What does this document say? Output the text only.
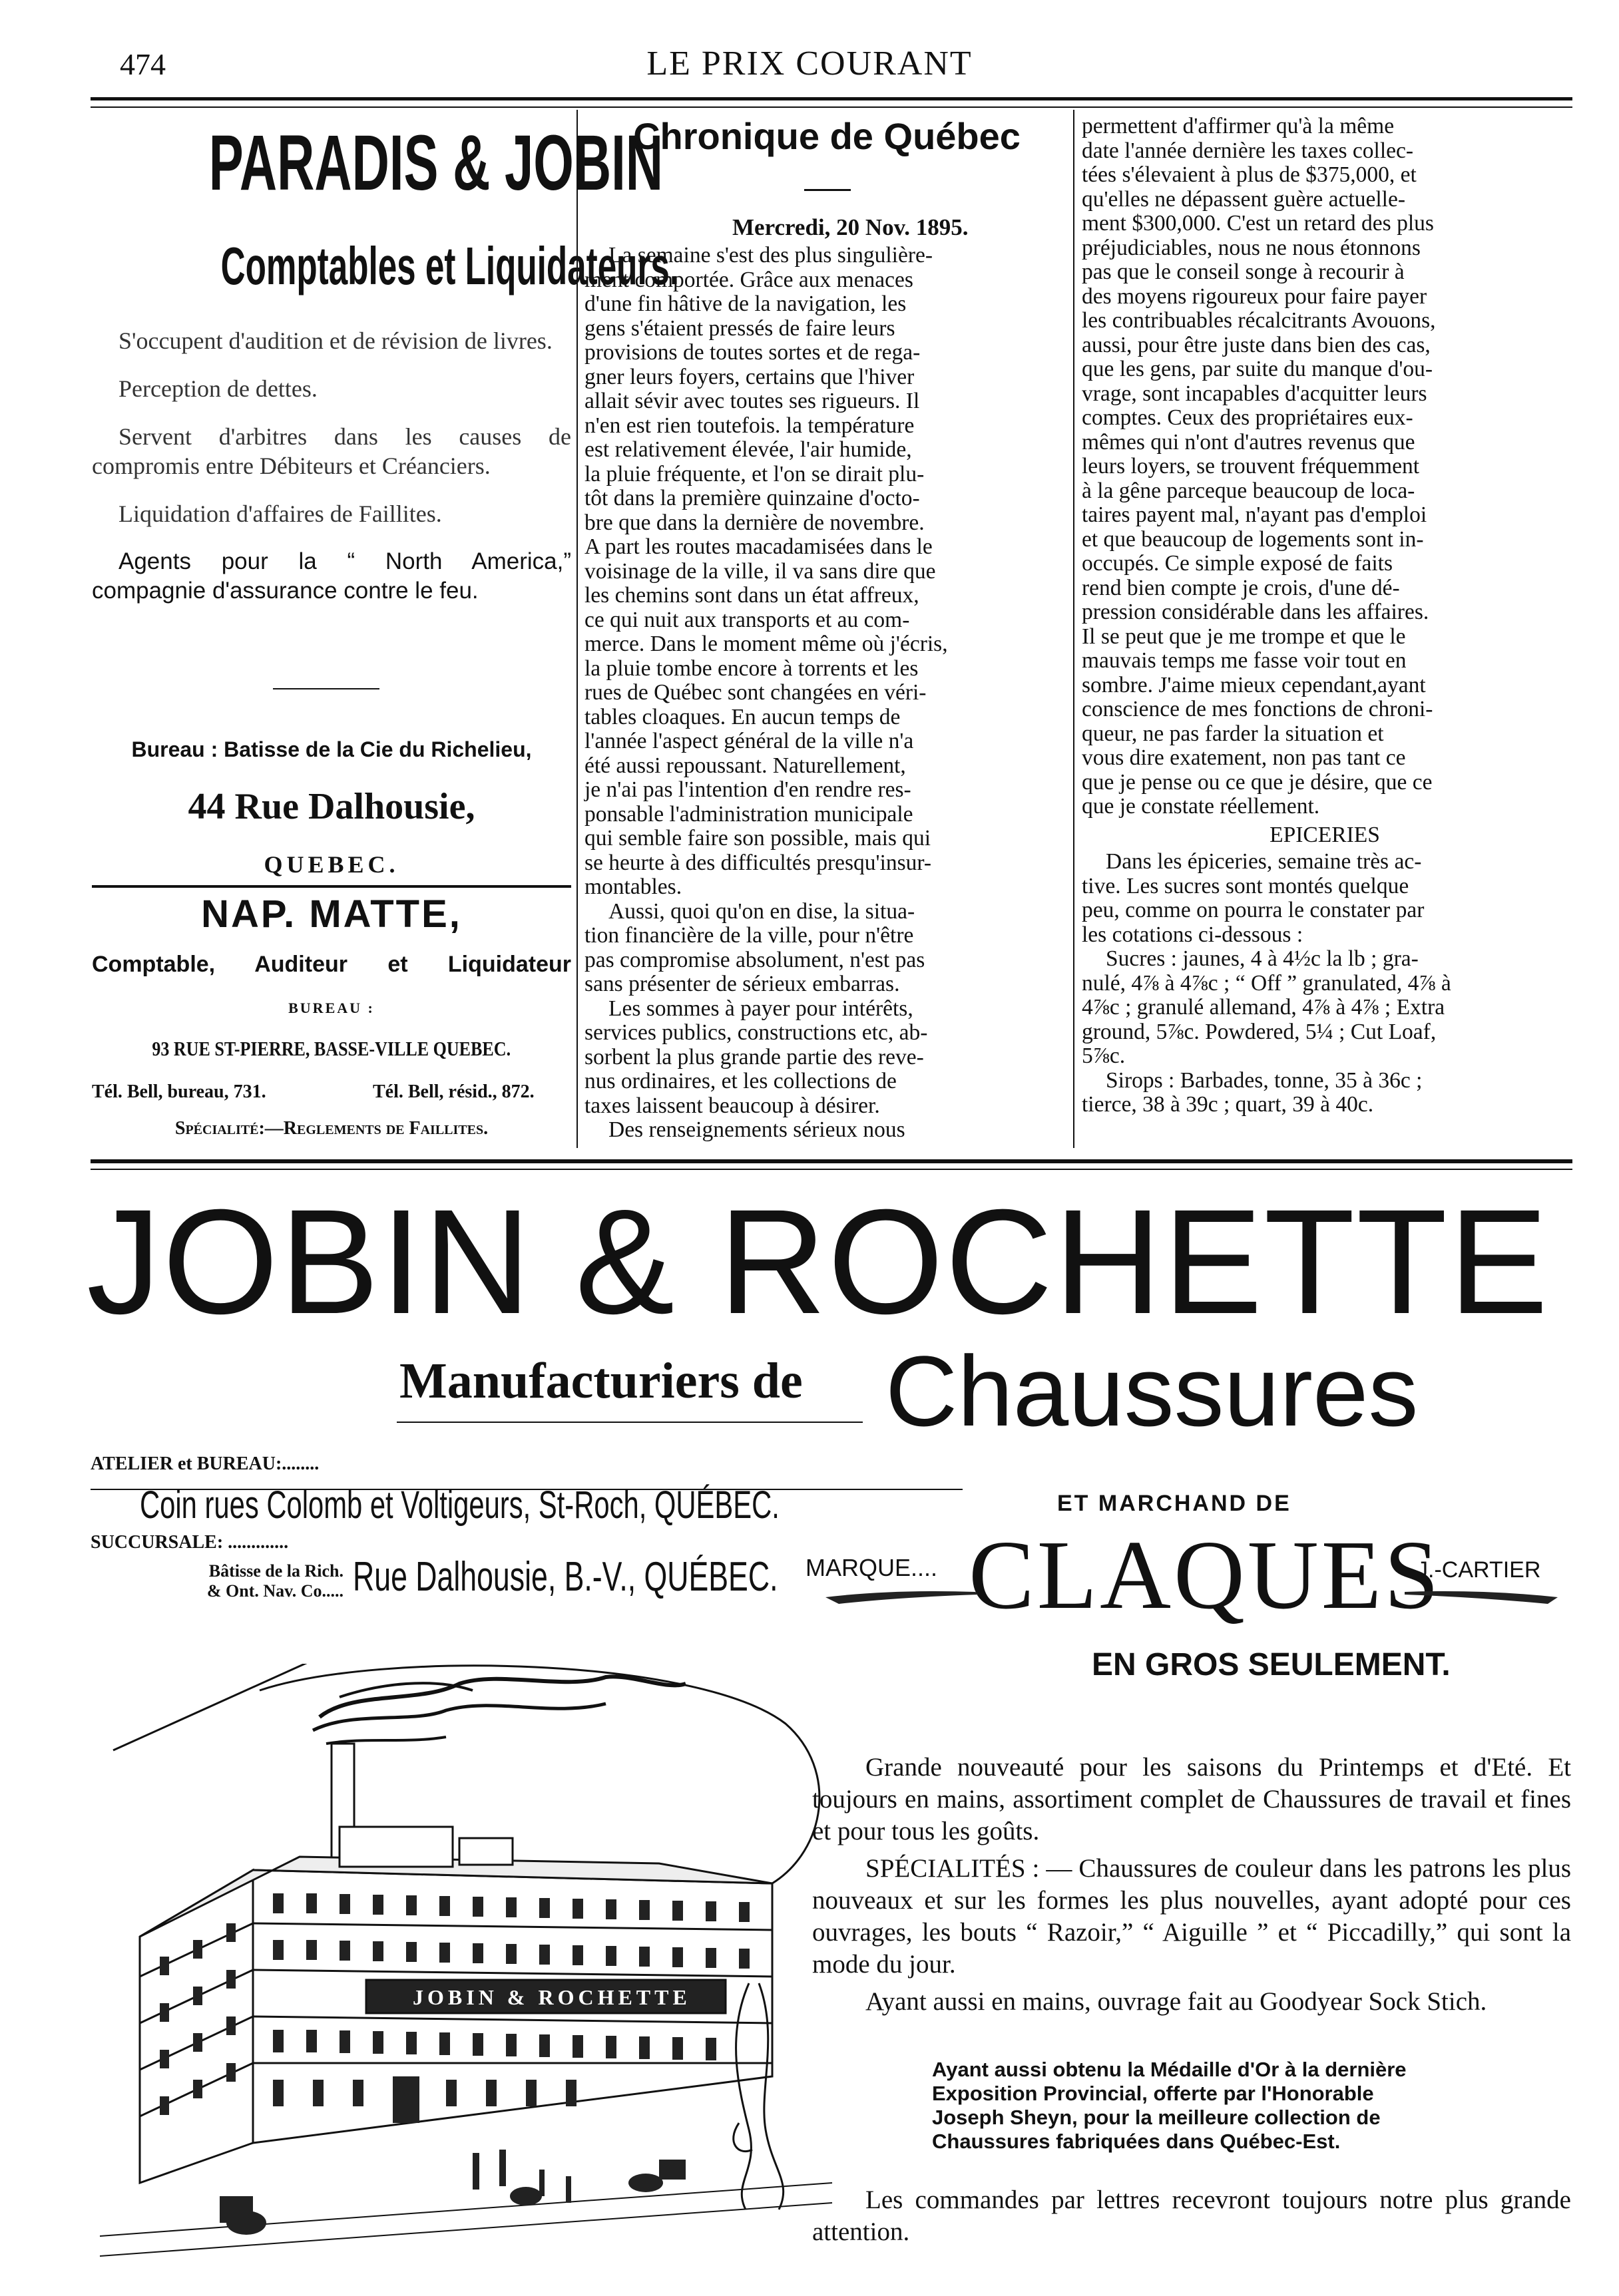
474	LE PRIX COURANT
PARADIS & JOBIN
Comptables et Liquidateurs.

S'occupent d'audition et de révision de livres.

Perception de dettes.

Servent d'arbitres dans les causes de compromis entre Débiteurs et Créanciers.

Liquidation d'affaires de Faillites.

Agents pour la “ North America,” compagnie d'assurance contre le feu.

Bureau : Batisse de la Cie du Richelieu,
44 Rue Dalhousie,
QUEBEC.
NAP. MATTE,
Comptable, Auditeur et Liquidateur
BUREAU :
93 RUE ST-PIERRE, BASSE-VILLE QUEBEC.
Tél. Bell, bureau, 731.	Tél. Bell, résid., 872.
Spécialité:—Reglements de Faillites.
Chronique de Québec
Mercredi, 20 Nov. 1895.
La semaine s'est des plus singulière-
ment comportée. Grâce aux menaces
d'une fin hâtive de la navigation, les
gens s'étaient pressés de faire leurs
provisions de toutes sortes et de rega-
gner leurs foyers, certains que l'hiver
allait sévir avec toutes ses rigueurs. Il
n'en est rien toutefois. la température
est relativement élevée, l'air humide,
la pluie fréquente, et l'on se dirait plu-
tôt dans la première quinzaine d'octo-
bre que dans la dernière de novembre.
A part les routes macadamisées dans le
voisinage de la ville, il va sans dire que
les chemins sont dans un état affreux,
ce qui nuit aux transports et au com-
merce. Dans le moment même où j'écris,
la pluie tombe encore à torrents et les
rues de Québec sont changées en véri-
tables cloaques. En aucun temps de
l'année l'aspect général de la ville n'a
été aussi repoussant. Naturellement,
je n'ai pas l'intention d'en rendre res-
ponsable l'administration municipale
qui semble faire son possible, mais qui
se heurte à des difficultés presqu'insur-
montables.
Aussi, quoi qu'on en dise, la situa-
tion financière de la ville, pour n'être
pas compromise absolument, n'est pas
sans présenter de sérieux embarras.
Les sommes à payer pour intérêts,
services publics, constructions etc, ab-
sorbent la plus grande partie des reve-
nus ordinaires, et les collections de
taxes laissent beaucoup à désirer.
Des renseignements sérieux nous
permettent d'affirmer qu'à la même
date l'année dernière les taxes collec-
tées s'élevaient à plus de $375,000, et
qu'elles ne dépassent guère actuelle-
ment $300,000. C'est un retard des plus
préjudiciables, nous ne nous étonnons
pas que le conseil songe à recourir à
des moyens rigoureux pour faire payer
les contribuables récalcitrants Avouons,
aussi, pour être juste dans bien des cas,
que les gens, par suite du manque d'ou-
vrage, sont incapables d'acquitter leurs
comptes. Ceux des propriétaires eux-
mêmes qui n'ont d'autres revenus que
leurs loyers, se trouvent fréquemment
à la gêne parceque beaucoup de loca-
taires payent mal, n'ayant pas d'emploi
et que beaucoup de logements sont in-
occupés. Ce simple exposé de faits
rend bien compte je crois, d'une dé-
pression considérable dans les affaires.
Il se peut que je me trompe et que le
mauvais temps me fasse voir tout en
sombre. J'aime mieux cependant,ayant
conscience de mes fonctions de chroni-
queur, ne pas farder la situation et
vous dire exatement, non pas tant ce
que je pense ou ce que je désire, que ce
que je constate réellement.
EPICERIES
Dans les épiceries, semaine très ac-
tive. Les sucres sont montés quelque
peu, comme on pourra le constater par
les cotations ci-dessous :
Sucres : jaunes, 4 à 4½c la lb ; gra-
nulé, 4⅞ à 4⅞c ; “ Off ” granulated, 4⅞ à
4⅞c ; granulé allemand, 4⅞ à 4⅞ ; Extra
ground, 5⅞c. Powdered, 5¼ ; Cut Loaf,
5⅞c.
Sirops : Barbades, tonne, 35 à 36c ;
tierce, 38 à 39c ; quart, 39 à 40c.
JOBIN & ROCHETTE
Manufacturiers de Chaussures
ATELIER et BUREAU:........
Coin rues Colomb et Voltigeurs, St-Roch, QUÉBEC.
SUCCURSALE: .............
Bâtisse de la Rich.
& Ont. Nav. Co..... Rue Dalhousie, B.-V., QUÉBEC.
ET MARCHAND DE
MARQUE.... CLAQUES
J.-CARTIER
EN GROS SEULEMENT.
JOBIN & ROCHETTE

Grande nouveauté pour les saisons du Printemps et d'Eté. Et toujours en mains, assortiment complet de Chaussures de travail et fines et pour tous les goûts.

SPÉCIALITÉS : — Chaussures de couleur dans les patrons les plus nouveaux et sur les formes les plus nouvelles, ayant adopté pour ces ouvrages, les bouts “ Razoir,” “ Aiguille ” et “ Piccadilly,” qui sont la mode du jour.

Ayant aussi en mains, ouvrage fait au Goodyear Sock Stich.

Ayant aussi obtenu la Médaille d'Or à la dernière
Exposition Provincial, offerte par l'Honorable
Joseph Sheyn, pour la meilleure collection de
Chaussures fabriquées dans Québec-Est.

Les commandes par lettres recevront toujours notre plus grande attention.
